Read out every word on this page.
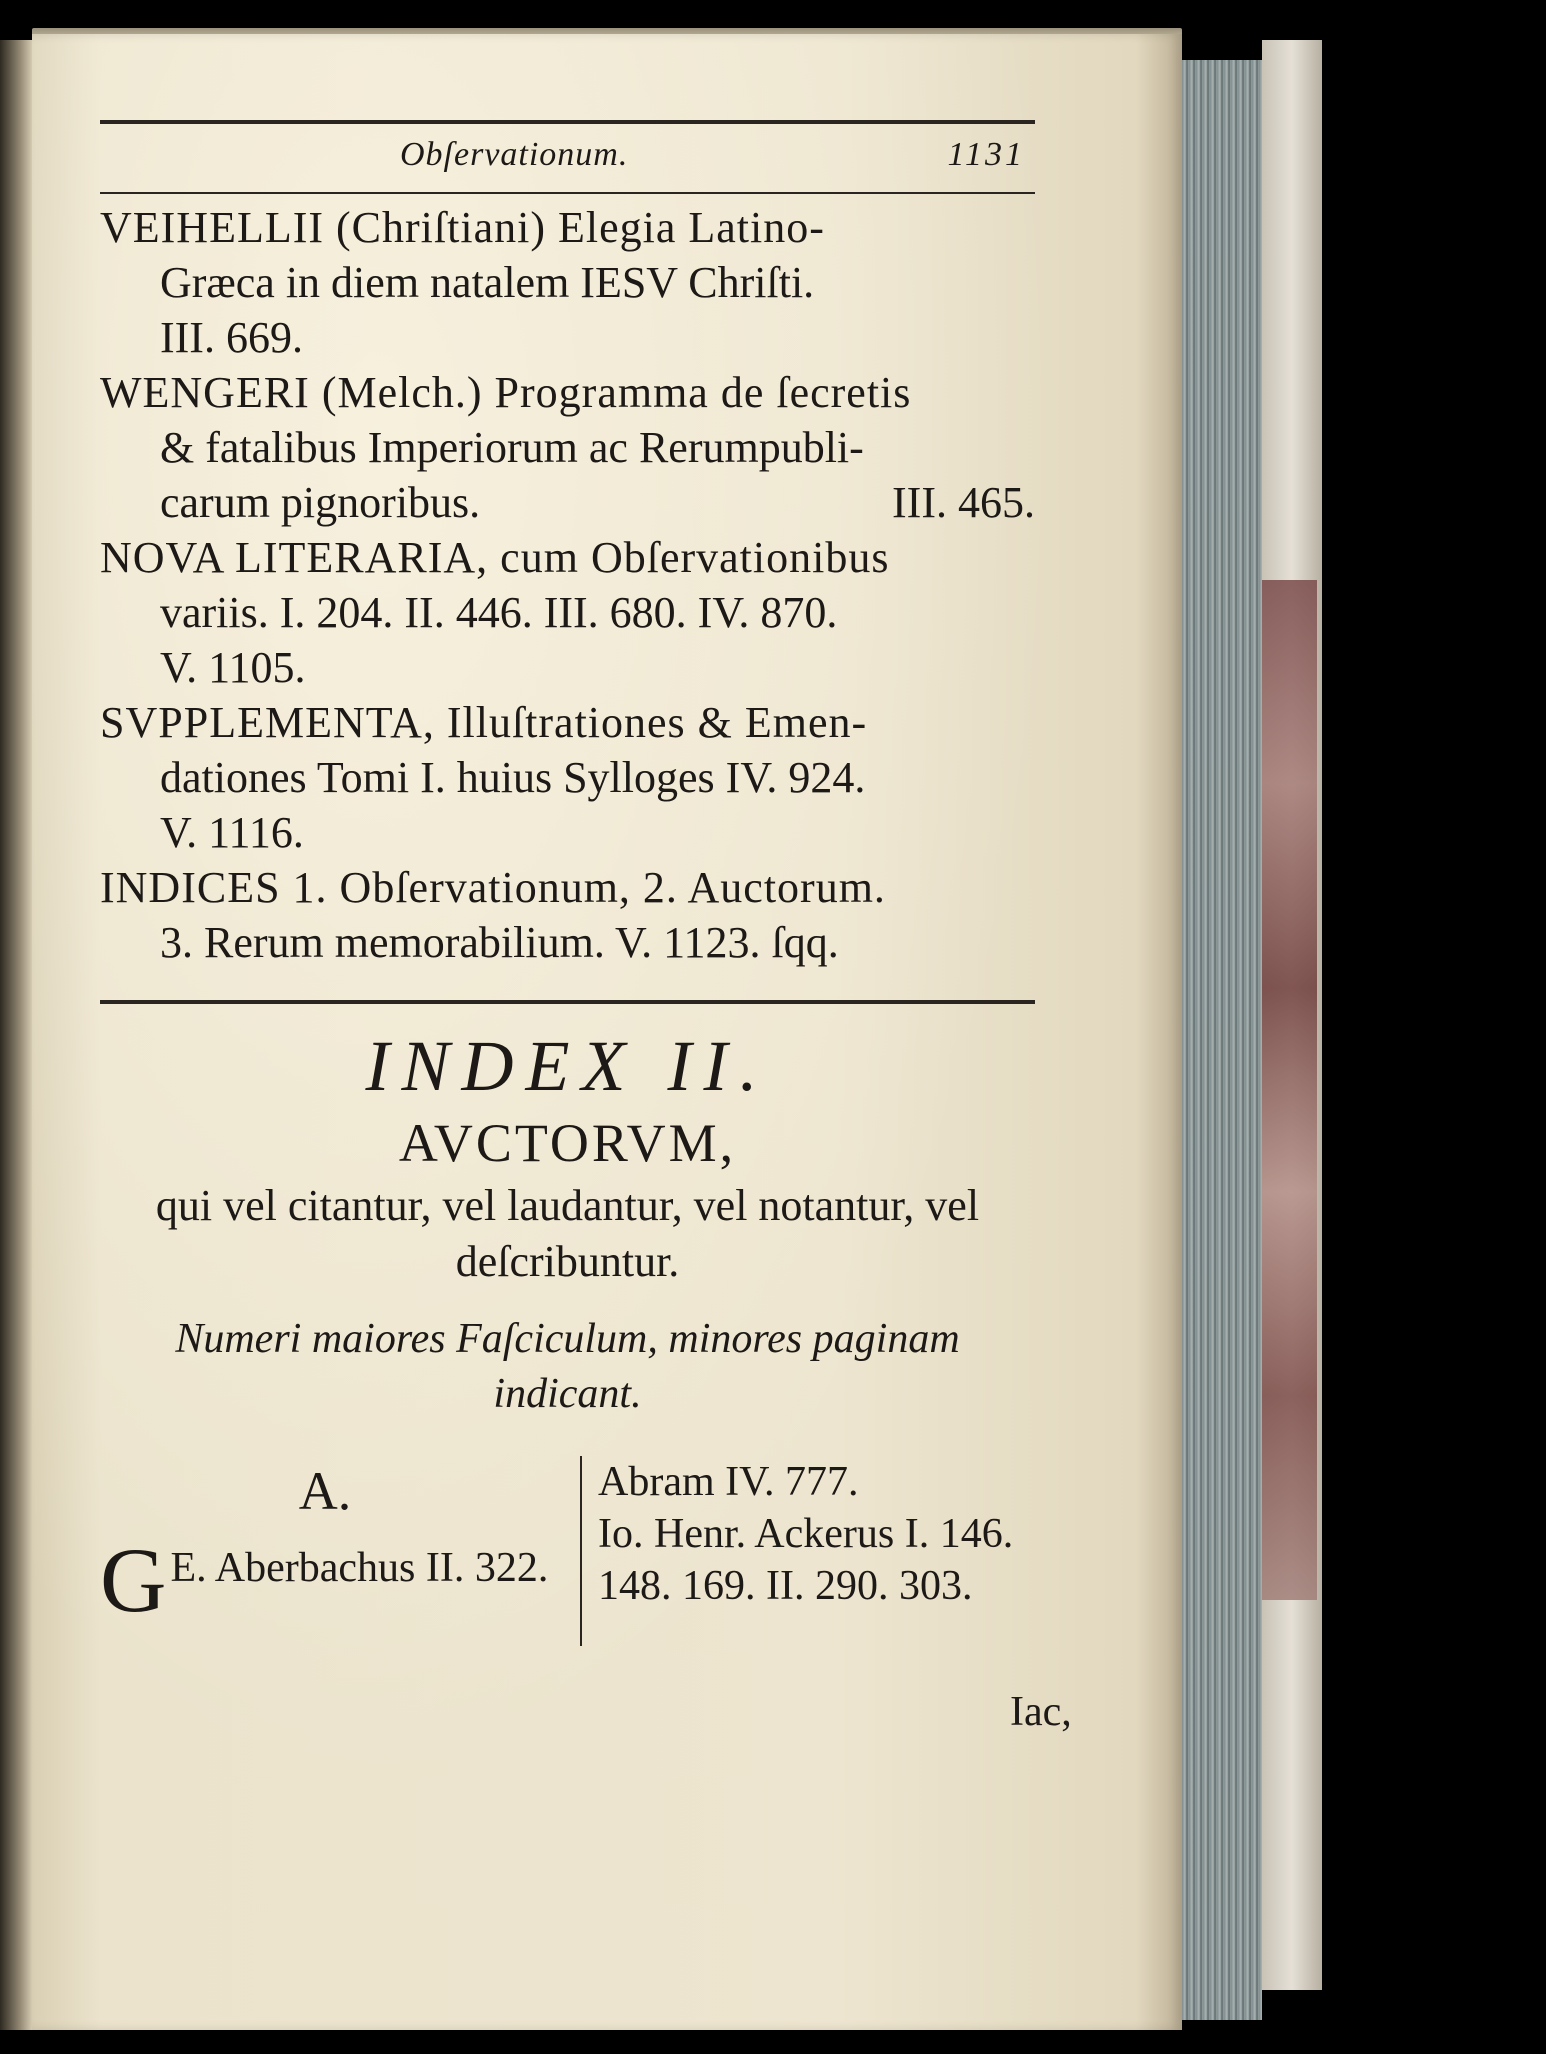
Obſervationum.	1131
VEIHELLII (Chriſtiani) Elegia Latino-
Græca in diem natalem IESV Chriſti.
III. 669.
WENGERI (Melch.) Programma de ſecretis
& fatalibus Imperiorum ac Rerumpubli-
carum pignoribus.	III. 465.
NOVA LITERARIA, cum Obſervationibus
variis. I. 204. II. 446. III. 680. IV. 870.
V. 1105.
SVPPLEMENTA, Illuſtrationes & Emen-
dationes Tomi I. huius Sylloges IV. 924.
V. 1116.
INDICES 1. Obſervationum, 2. Auctorum.
3. Rerum memorabilium. V. 1123. ſqq.
INDEX II.
AVCTORVM,
qui vel citantur, vel laudantur, vel notantur, vel deſcribuntur.
Numeri maiores Faſciculum, minores paginam indicant.
A.
G E. Aberbachus II. 322.

Abram IV. 777.

Io. Henr. Ackerus I. 146. 148. 169. II. 290. 303.

Iac,
